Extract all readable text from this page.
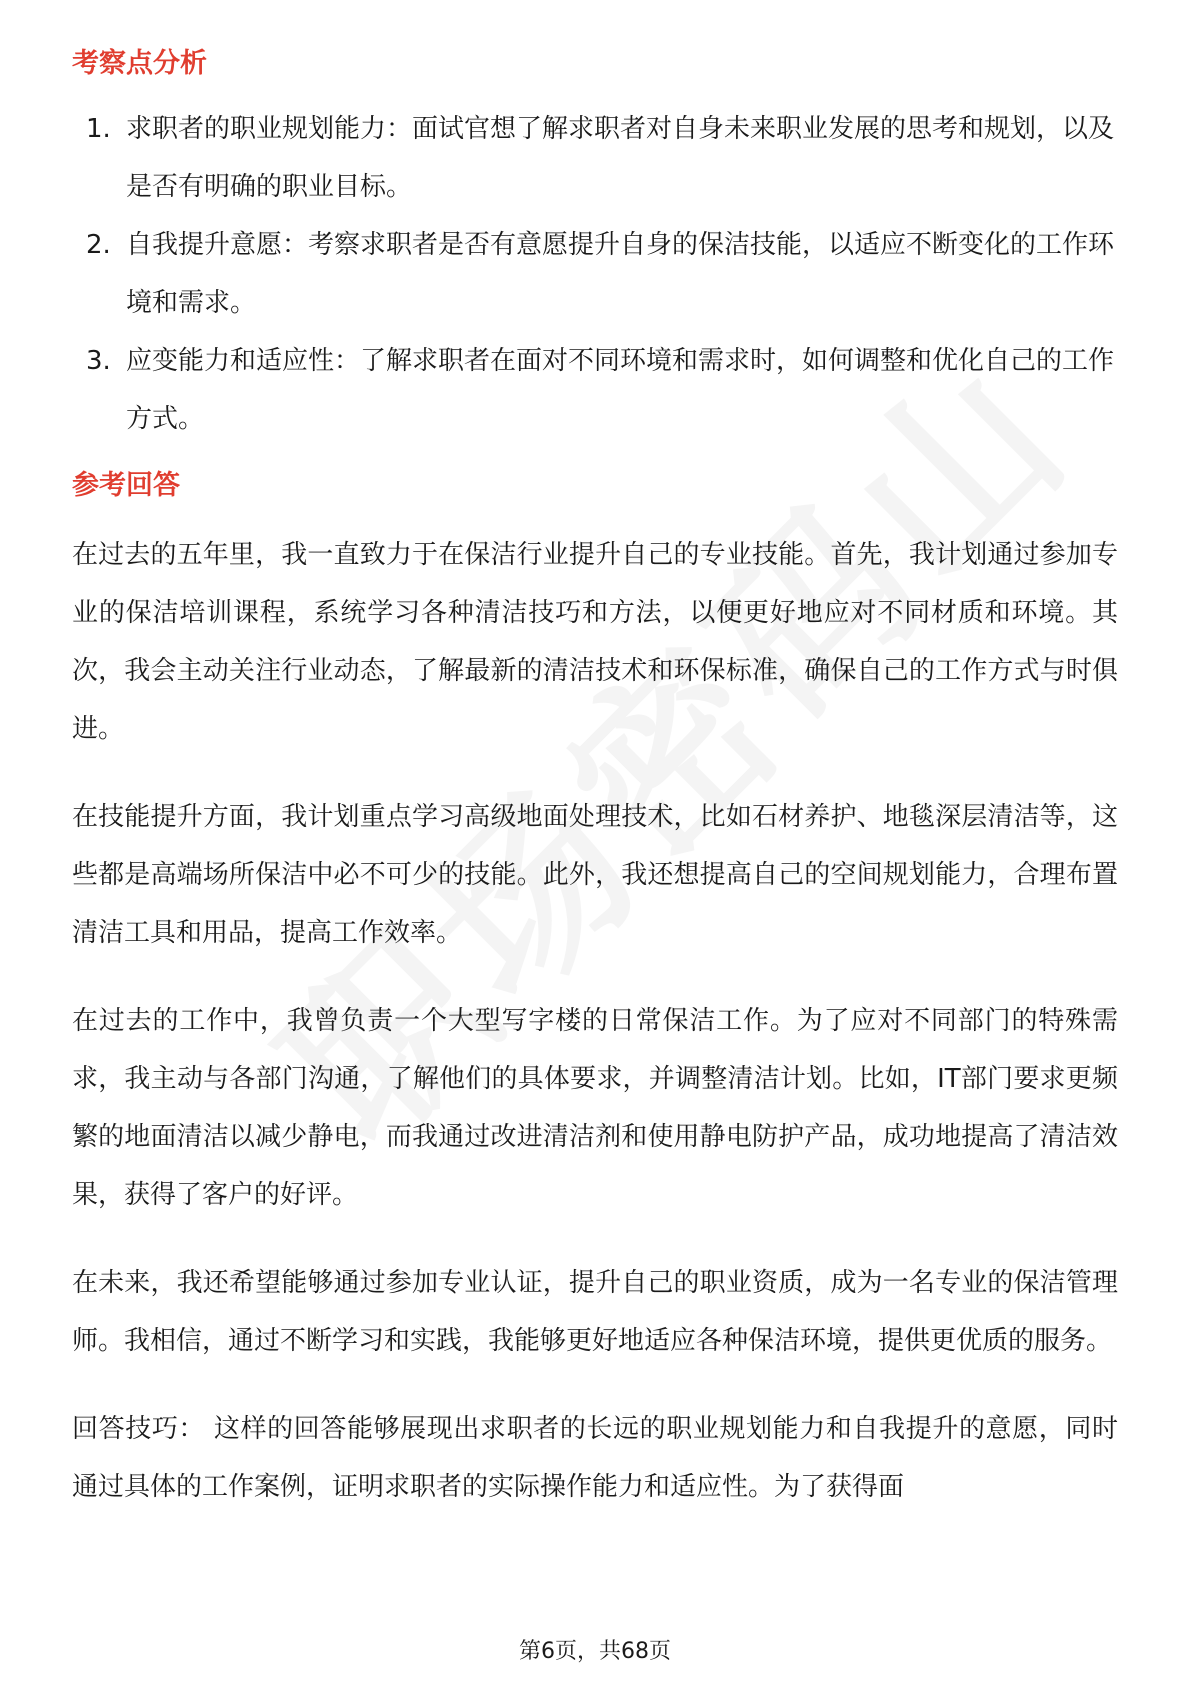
考察点分析
1. 求职者的职业规划能力：面试官想了解求职者对自身未来职业发展的思考和规划，以及是否有明确的职业目标。
2. 自我提升意愿：考察求职者是否有意愿提升自身的保洁技能，以适应不断变化的工作环境和需求。
3. 应变能力和适应性：了解求职者在面对不同环境和需求时，如何调整和优化自己的工作方式。
参考回答

在过去的五年里，我一直致力于在保洁行业提升自己的专业技能。首先，我计划通过参加专业的保洁培训课程，系统学习各种清洁技巧和方法，以便更好地应对不同材质和环境。其次，我会主动关注行业动态，了解最新的清洁技术和环保标准，确保自己的工作方式与时俱进。

在技能提升方面，我计划重点学习高级地面处理技术，比如石材养护、地毯深层清洁等，这些都是高端场所保洁中必不可少的技能。此外，我还想提高自己的空间规划能力，合理布置清洁工具和用品，提高工作效率。

在过去的工作中，我曾负责一个大型写字楼的日常保洁工作。为了应对不同部门的特殊需求，我主动与各部门沟通，了解他们的具体要求，并调整清洁计划。比如，IT部门要求更频繁的地面清洁以减少静电，而我通过改进清洁剂和使用静电防护产品，成功地提高了清洁效果，获得了客户的好评。

在未来，我还希望能够通过参加专业认证，提升自己的职业资质，成为一名专业的保洁管理师。我相信，通过不断学习和实践，我能够更好地适应各种保洁环境，提供更优质的服务。

回答技巧： 这样的回答能够展现出求职者的长远的职业规划能力和自我提升的意愿，同时通过具体的工作案例，证明求职者的实际操作能力和适应性。为了获得面
第6页，共68页
